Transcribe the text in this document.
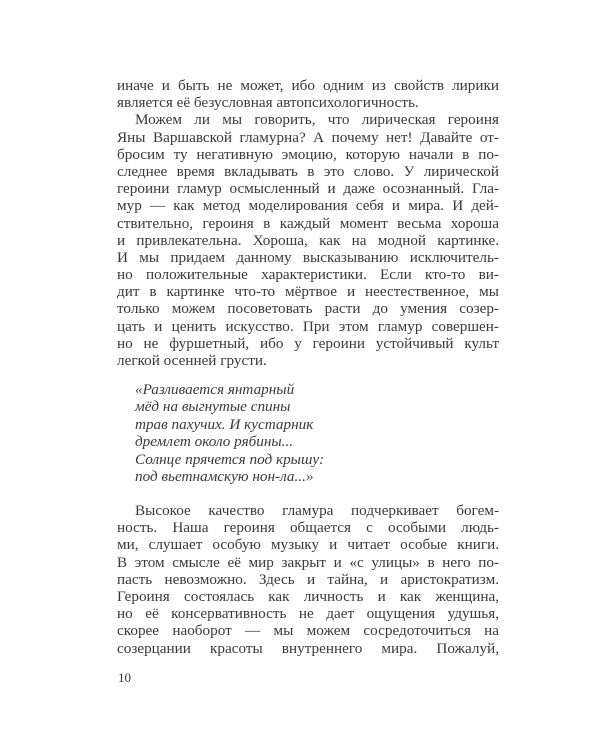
иначе и быть не может, ибо одним из свойств лирики
является её безусловная автопсихологичность.
Можем ли мы говорить, что лирическая героиня
Яны Варшавской гламурна? А почему нет! Давайте от-
бросим ту негативную эмоцию, которую начали в по-
следнее время вкладывать в это слово. У лирической
героини гламур осмысленный и даже осознанный. Гла-
мур — как метод моделирования себя и мира. И дей-
ствительно, героиня в каждый момент весьма хороша
и привлекательна. Хороша, как на модной картинке.
И мы придаем данному высказыванию исключитель-
но положительные характеристики. Если кто-то ви-
дит в картинке что-то мёртвое и неестественное, мы
только можем посоветовать расти до умения созер-
цать и ценить искусство. При этом гламур совершен-
но не фуршетный, ибо у героини устойчивый культ
легкой осенней грусти.
«Разливается янтарный
мёд на выгнутые спины
трав пахучих. И кустарник
дремлет около рябины...
Солнце прячется под крышу:
под вьетнамскую нон-ла...»
Высокое качество гламура подчеркивает богем-
ность. Наша героиня общается с особыми людь-
ми, слушает особую музыку и читает особые книги.
В этом смысле её мир закрыт и «с улицы» в него по-
пасть невозможно. Здесь и тайна, и аристократизм.
Героиня состоялась как личность и как женщина,
но её консервативность не дает ощущения удушья,
скорее наоборот — мы можем сосредоточиться на
созерцании красоты внутреннего мира. Пожалуй,
10
